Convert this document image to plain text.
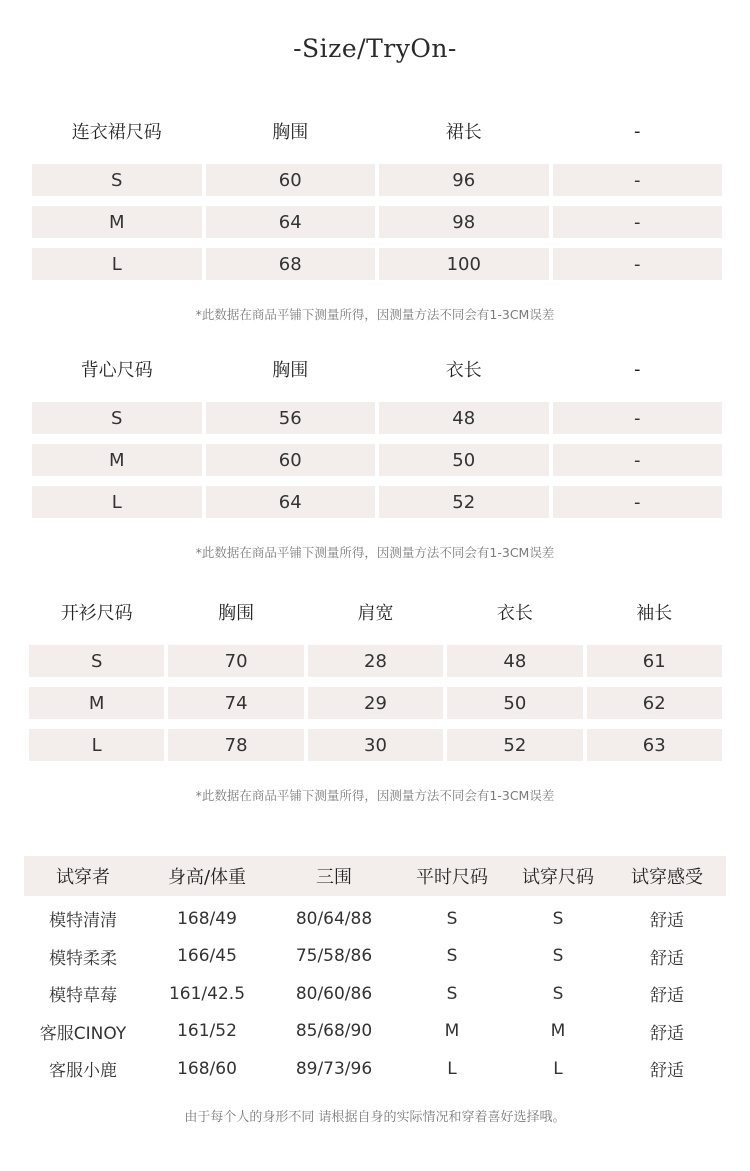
-Size/TryOn-
连衣裙尺码	胸围	裙长	-
S	60	96	-
M	64	98	-
L	68	100	-
*此数据在商品平铺下测量所得，因测量方法不同会有1-3CM误差
背心尺码	胸围	衣长	-
S	56	48	-
M	60	50	-
L	64	52	-
*此数据在商品平铺下测量所得，因测量方法不同会有1-3CM误差
开衫尺码	胸围	肩宽	衣长	袖长
S	70	28	48	61
M	74	29	50	62
L	78	30	52	63
*此数据在商品平铺下测量所得，因测量方法不同会有1-3CM误差
试穿者	身高/体重	三围	平时尺码	试穿尺码	试穿感受
模特清清	168/49	80/64/88	S	S	舒适
模特柔柔	166/45	75/58/86	S	S	舒适
模特草莓	161/42.5	80/60/86	S	S	舒适
客服CINOY	161/52	85/68/90	M	M	舒适
客服小鹿	168/60	89/73/96	L	L	舒适
由于每个人的身形不同 请根据自身的实际情况和穿着喜好选择哦。
